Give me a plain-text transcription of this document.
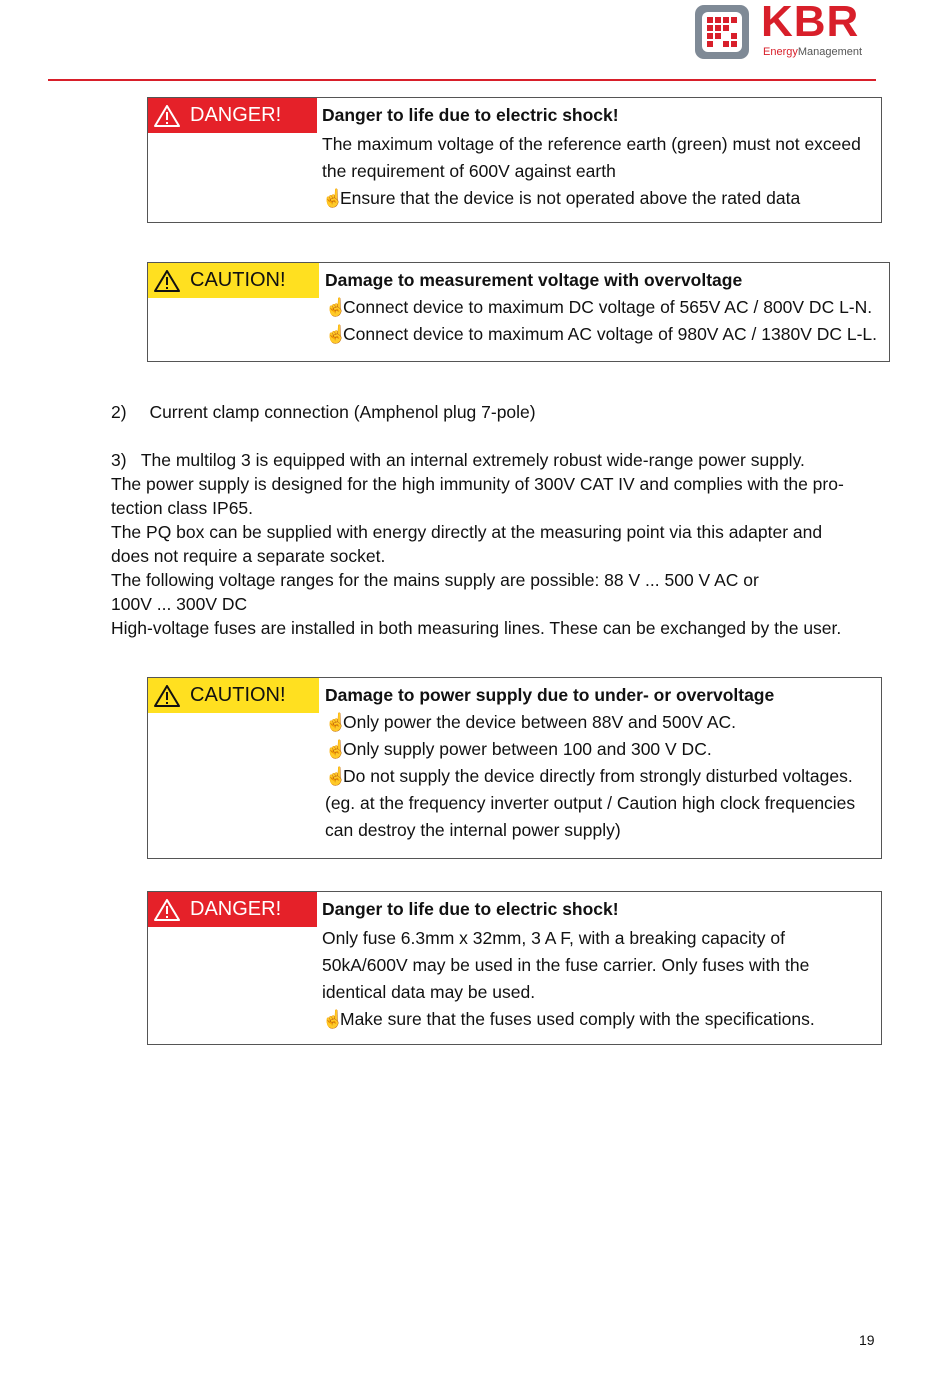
KBR
EnergyManagement
DANGER! Danger to life due to electric shock!
The maximum voltage of the reference earth (green) must not exceed
the requirement of 600V against earth
☝Ensure that the device is not operated above the rated data
CAUTION! Damage to measurement voltage with overvoltage
☝Connect device to maximum DC voltage of 565V AC / 800V DC L-N.
☝Connect device to maximum AC voltage of 980V AC / 1380V DC L-L.
2) Current clamp connection (Amphenol plug 7-pole)
3)   The multilog 3 is equipped with an internal extremely robust wide-range power supply.
The power supply is designed for the high immunity of 300V CAT IV and complies with the pro-
tection class IP65.
The PQ box can be supplied with energy directly at the measuring point via this adapter and
does not require a separate socket.
The following voltage ranges for the mains supply are possible: 88 V ... 500 V AC or
100V ... 300V DC
High-voltage fuses are installed in both measuring lines. These can be exchanged by the user.
CAUTION! Damage to power supply due to under- or overvoltage
☝Only power the device between 88V and 500V AC.
☝Only supply power between 100 and 300 V DC.
☝Do not supply the device directly from strongly disturbed voltages.
(eg. at the frequency inverter output / Caution high clock frequencies
can destroy the internal power supply)
DANGER! Danger to life due to electric shock!
Only fuse 6.3mm x 32mm, 3 A F, with a breaking capacity of
50kA/600V may be used in the fuse carrier. Only fuses with the
identical data may be used.
☝Make sure that the fuses used comply with the specifications.
19
